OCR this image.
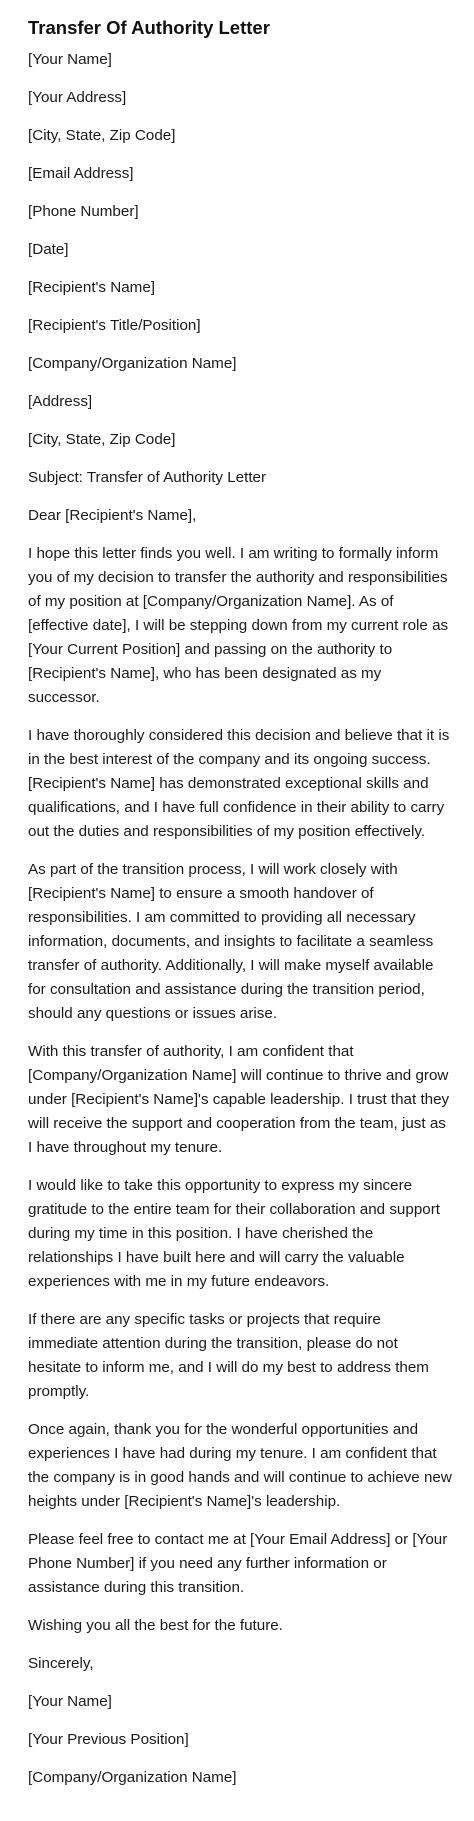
Transfer Of Authority Letter

[Your Name]

[Your Address]

[City, State, Zip Code]

[Email Address]

[Phone Number]

[Date]

[Recipient's Name]

[Recipient's Title/Position]

[Company/Organization Name]

[Address]

[City, State, Zip Code]

Subject: Transfer of Authority Letter

Dear [Recipient's Name],

I hope this letter finds you well. I am writing to formally inform you of my decision to transfer the authority and responsibilities of my position at [Company/Organization Name]. As of [effective date], I will be stepping down from my current role as [Your Current Position] and passing on the authority to [Recipient's Name], who has been designated as my successor.

I have thoroughly considered this decision and believe that it is in the best interest of the company and its ongoing success. [Recipient's Name] has demonstrated exceptional skills and qualifications, and I have full confidence in their ability to carry out the duties and responsibilities of my position effectively.

As part of the transition process, I will work closely with [Recipient's Name] to ensure a smooth handover of responsibilities. I am committed to providing all necessary information, documents, and insights to facilitate a seamless transfer of authority. Additionally, I will make myself available for consultation and assistance during the transition period, should any questions or issues arise.

With this transfer of authority, I am confident that [Company/Organization Name] will continue to thrive and grow under [Recipient's Name]'s capable leadership. I trust that they will receive the support and cooperation from the team, just as I have throughout my tenure.

I would like to take this opportunity to express my sincere gratitude to the entire team for their collaboration and support during my time in this position. I have cherished the relationships I have built here and will carry the valuable experiences with me in my future endeavors.

If there are any specific tasks or projects that require immediate attention during the transition, please do not hesitate to inform me, and I will do my best to address them promptly.

Once again, thank you for the wonderful opportunities and experiences I have had during my tenure. I am confident that the company is in good hands and will continue to achieve new heights under [Recipient's Name]'s leadership.

Please feel free to contact me at [Your Email Address] or [Your Phone Number] if you need any further information or assistance during this transition.

Wishing you all the best for the future.

Sincerely,

[Your Name]

[Your Previous Position]

[Company/Organization Name]
